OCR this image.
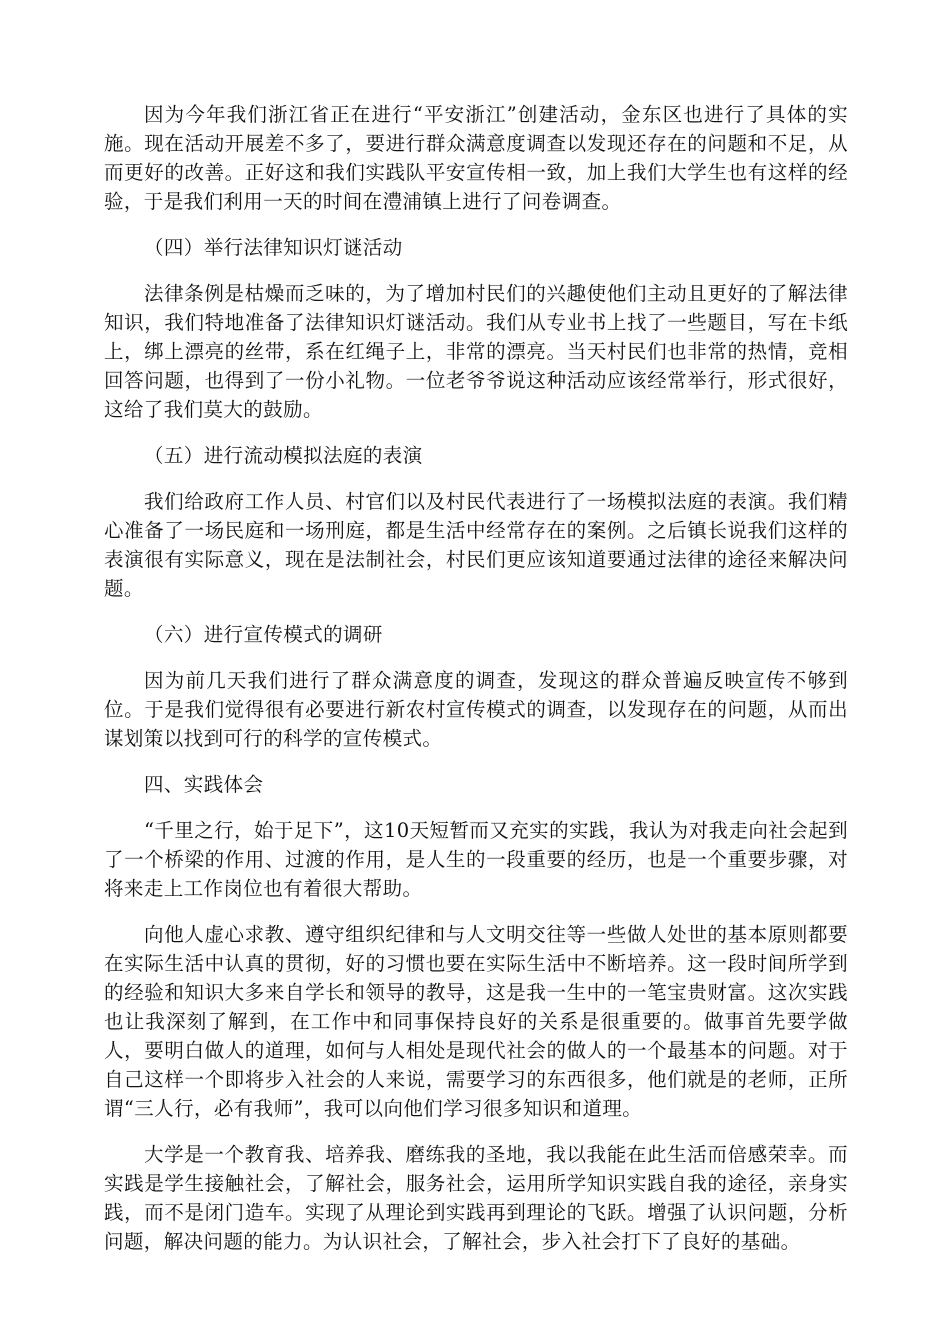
因为今年我们浙江省正在进行“平安浙江”创建活动，金东区也进行了具体的实施。现在活动开展差不多了，要进行群众满意度调查以发现还存在的问题和不足，从而更好的改善。正好这和我们实践队平安宣传相一致，加上我们大学生也有这样的经验，于是我们利用一天的时间在澧浦镇上进行了问卷调查。

（四）举行法律知识灯谜活动

法律条例是枯燥而乏味的，为了增加村民们的兴趣使他们主动且更好的了解法律知识，我们特地准备了法律知识灯谜活动。我们从专业书上找了一些题目，写在卡纸上，绑上漂亮的丝带，系在红绳子上，非常的漂亮。当天村民们也非常的热情，竞相回答问题，也得到了一份小礼物。一位老爷爷说这种活动应该经常举行，形式很好，这给了我们莫大的鼓励。

（五）进行流动模拟法庭的表演

我们给政府工作人员、村官们以及村民代表进行了一场模拟法庭的表演。我们精心准备了一场民庭和一场刑庭，都是生活中经常存在的案例。之后镇长说我们这样的表演很有实际意义，现在是法制社会，村民们更应该知道要通过法律的途径来解决问题。

（六）进行宣传模式的调研

因为前几天我们进行了群众满意度的调查，发现这的群众普遍反映宣传不够到位。于是我们觉得很有必要进行新农村宣传模式的调查，以发现存在的问题，从而出谋划策以找到可行的科学的宣传模式。

四、实践体会

“千里之行，始于足下”，这10天短暂而又充实的实践，我认为对我走向社会起到了一个桥梁的作用、过渡的作用，是人生的一段重要的经历，也是一个重要步骤，对将来走上工作岗位也有着很大帮助。

向他人虚心求教、遵守组织纪律和与人文明交往等一些做人处世的基本原则都要在实际生活中认真的贯彻，好的习惯也要在实际生活中不断培养。这一段时间所学到的经验和知识大多来自学长和领导的教导，这是我一生中的一笔宝贵财富。这次实践也让我深刻了解到，在工作中和同事保持良好的关系是很重要的。做事首先要学做人，要明白做人的道理，如何与人相处是现代社会的做人的一个最基本的问题。对于自己这样一个即将步入社会的人来说，需要学习的东西很多，他们就是的老师，正所谓“三人行，必有我师”，我可以向他们学习很多知识和道理。

大学是一个教育我、培养我、磨练我的圣地，我以我能在此生活而倍感荣幸。而实践是学生接触社会，了解社会，服务社会，运用所学知识实践自我的途径，亲身实践，而不是闭门造车。实现了从理论到实践再到理论的飞跃。增强了认识问题，分析问题，解决问题的能力。为认识社会，了解社会，步入社会打下了良好的基础。
